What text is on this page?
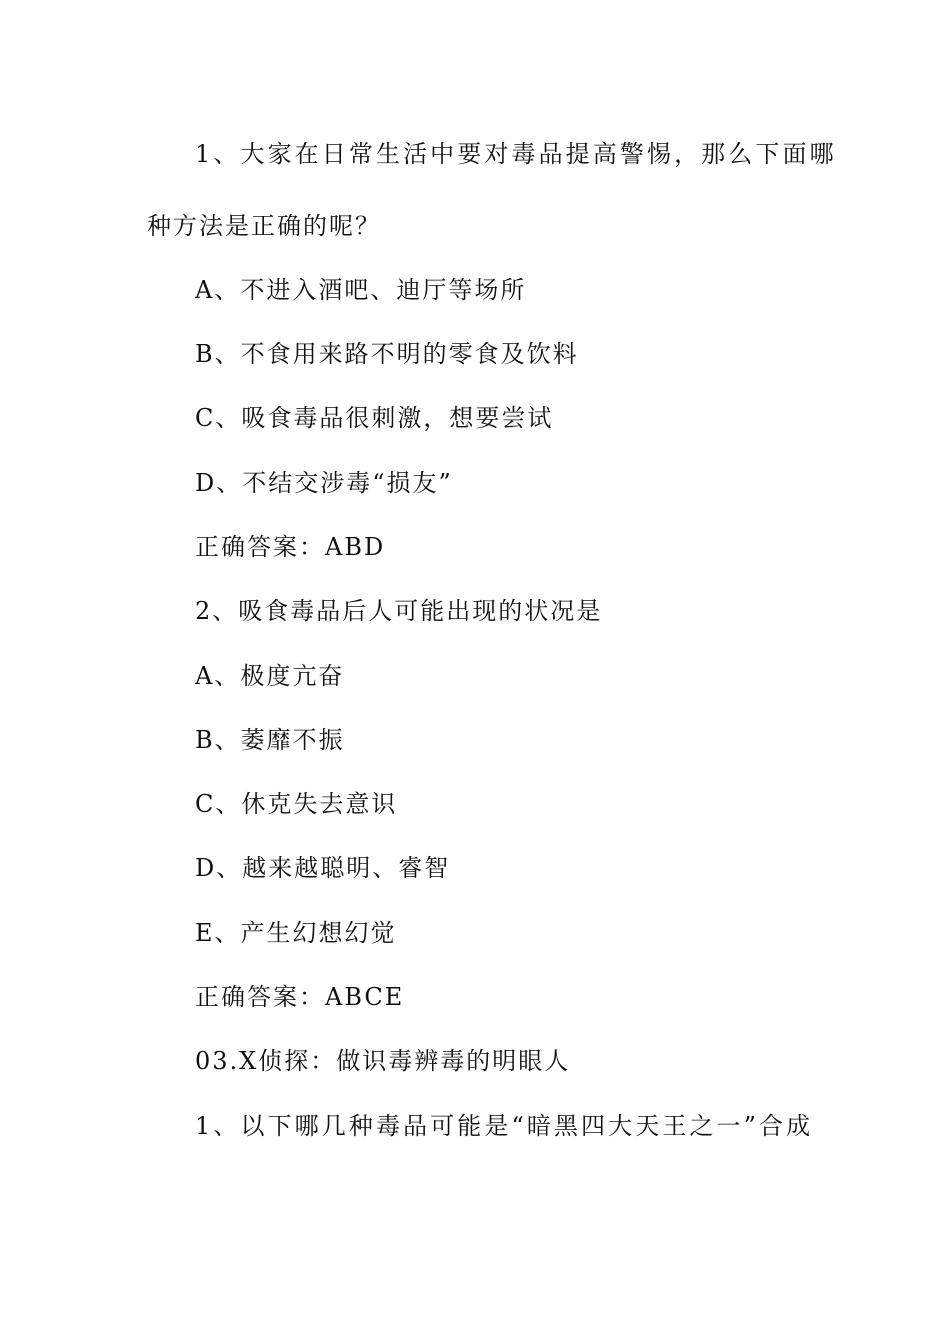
1、大家在日常生活中要对毒品提高警惕，那么下面哪
种方法是正确的呢？
A、不进入酒吧、迪厅等场所
B、不食用来路不明的零食及饮料
C、吸食毒品很刺激，想要尝试
D、不结交涉毒“损友”
正确答案：ABD
2、吸食毒品后人可能出现的状况是
A、极度亢奋
B、萎靡不振
C、休克失去意识
D、越来越聪明、睿智
E、产生幻想幻觉
正确答案：ABCE
03.X侦探：做识毒辨毒的明眼人
1、以下哪几种毒品可能是“暗黑四大天王之一”合成
